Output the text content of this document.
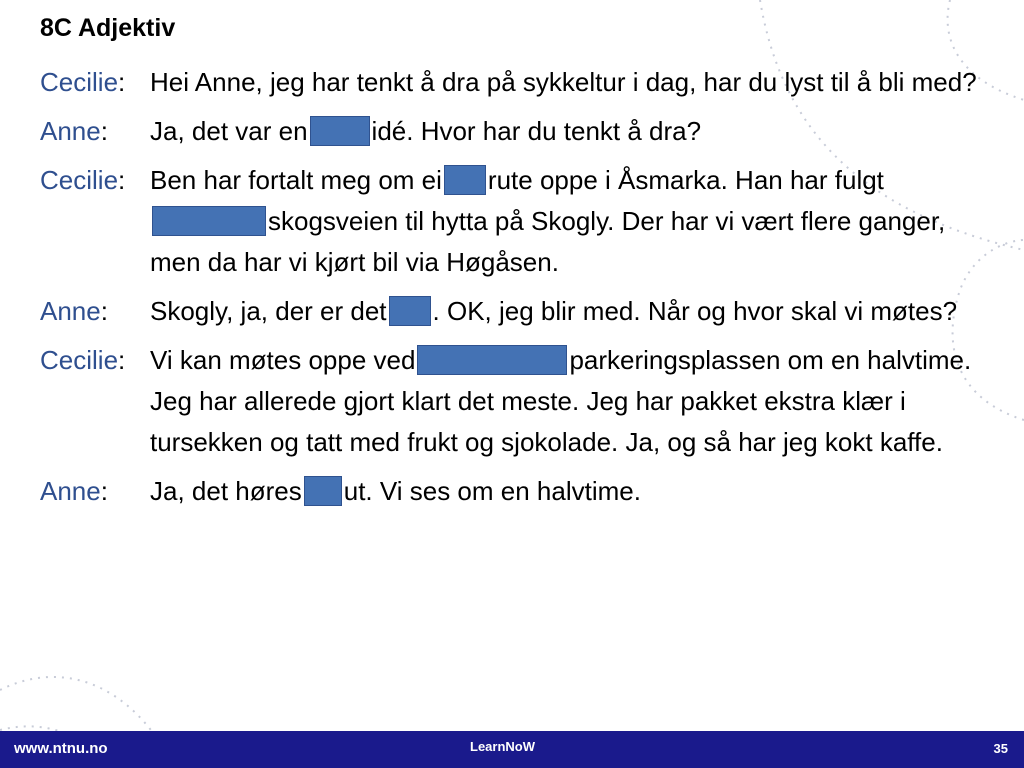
8C Adjektiv
Cecilie: Hei Anne, jeg har tenkt å dra på sykkeltur i dag, har du lyst til å bli med?
Anne:	Ja, det var en idé. Hvor har du tenkt å dra?
Cecilie: Ben har fortalt meg om ei rute oppe i Åsmarka. Han har fulgtskogsveien til hytta på Skogly. Der har vi vært flere ganger, men da har vi kjørt bil via Høgåsen.
Anne:	Skogly, ja, der er det . OK, jeg blir med. Når og hvor skal vi møtes?
Cecilie: Vi kan møtes oppe ved	parkeringsplassen om en halvtime. Jeg har allerede gjort klart det meste. Jeg har pakket ekstra klær i tursekken og tatt med frukt og sjokolade. Ja, og så har jeg kokt kaffe.
Anne:	Ja, det høres ut. Vi ses om en halvtime.
www.ntnu.no	LearnNoW	35
